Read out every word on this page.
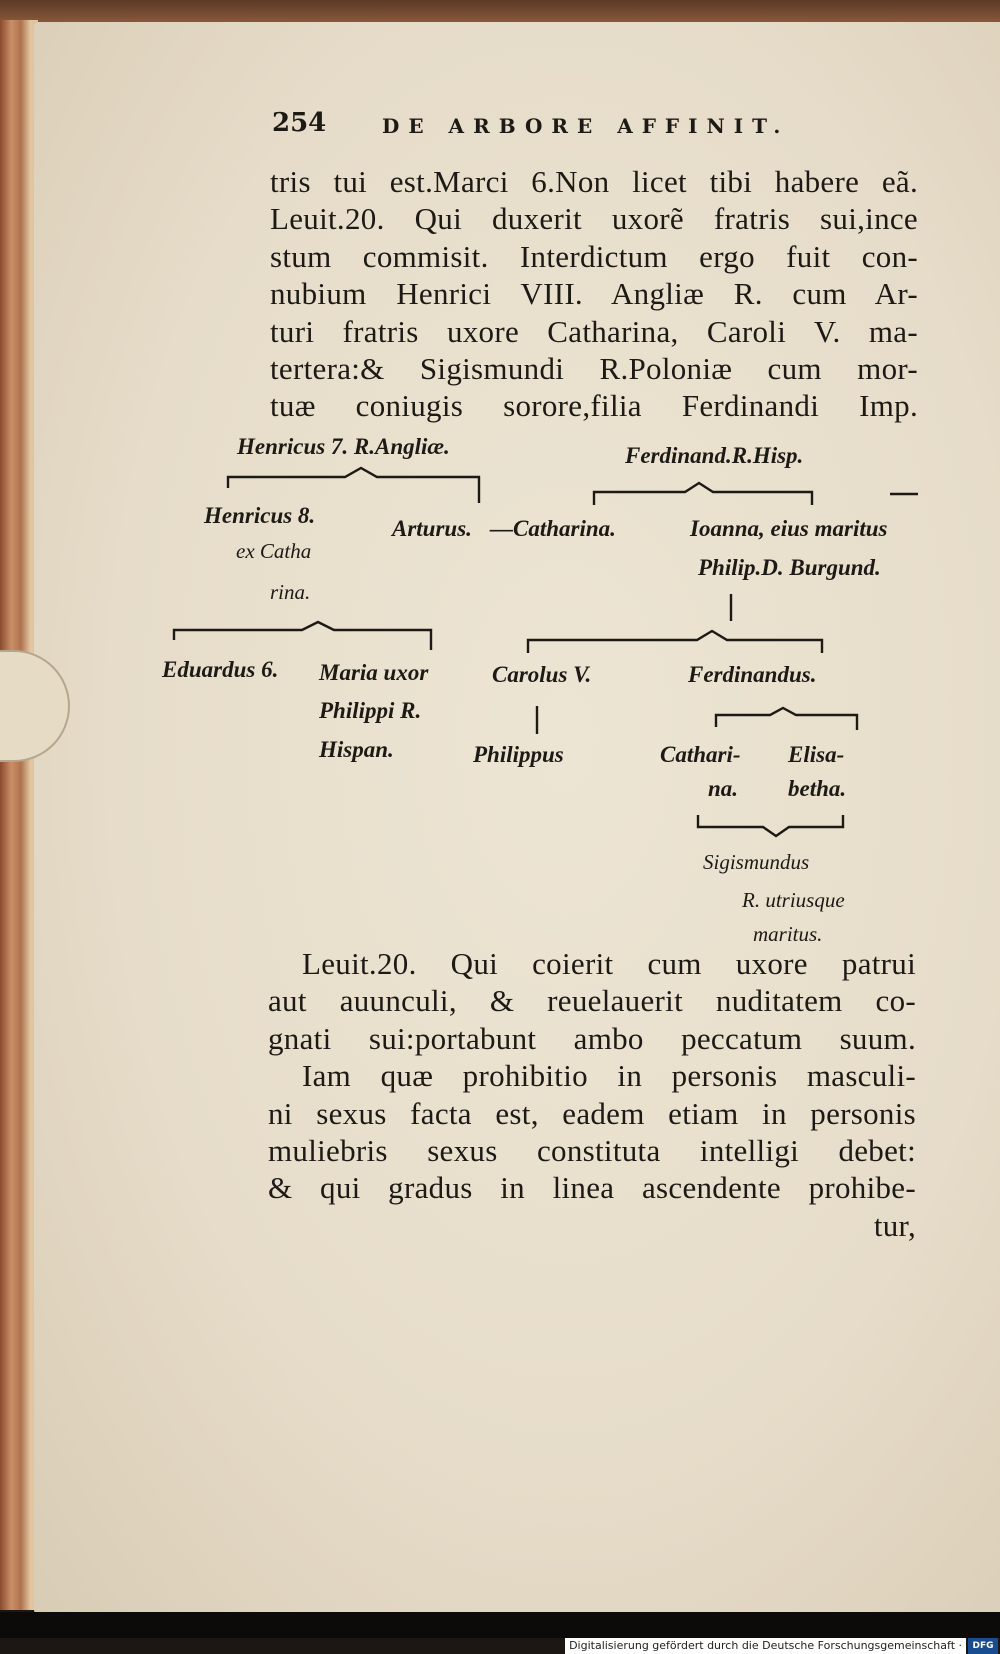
254	DE ARBORE AFFINIT.
tris tui est.Marci 6.Non licet tibi habere eã.
Leuit.20. Qui duxerit uxorẽ fratris sui,ince
stum commisit. Interdictum ergo fuit con-
nubium Henrici VIII. Angliæ R. cum Ar-
turi fratris uxore Catharina, Caroli V. ma-
tertera:& Sigismundi R.Poloniæ cum mor-
tuæ coniugis sorore,filia Ferdinandi Imp.
Henricus 7. R.Angliæ.	Ferdinand.R.Hisp.
Henricus 8.
ex Catha
rina.
Arturus. —Catharina.	Ioanna, eius maritus
Philip.D. Burgund.
Eduardus 6. Maria uxor
Philippi R.
Hispan.
Carolus V.	Ferdinandus.
Philippus	Cathari-
na.
Elisa-
betha.
Sigismundus
R. utriusque
maritus.
Leuit.20. Qui coierit cum uxore patrui
aut auunculi, & reuelauerit nuditatem co-
gnati sui:portabunt ambo peccatum suum.
Iam quæ prohibitio in personis masculi-
ni sexus facta est, eadem etiam in personis
muliebris sexus constituta intelligi debet:
& qui gradus in linea ascendente prohibe-
tur,
Digitalisierung gefördert durch die Deutsche Forschungsgemeinschaft ·	DFG
